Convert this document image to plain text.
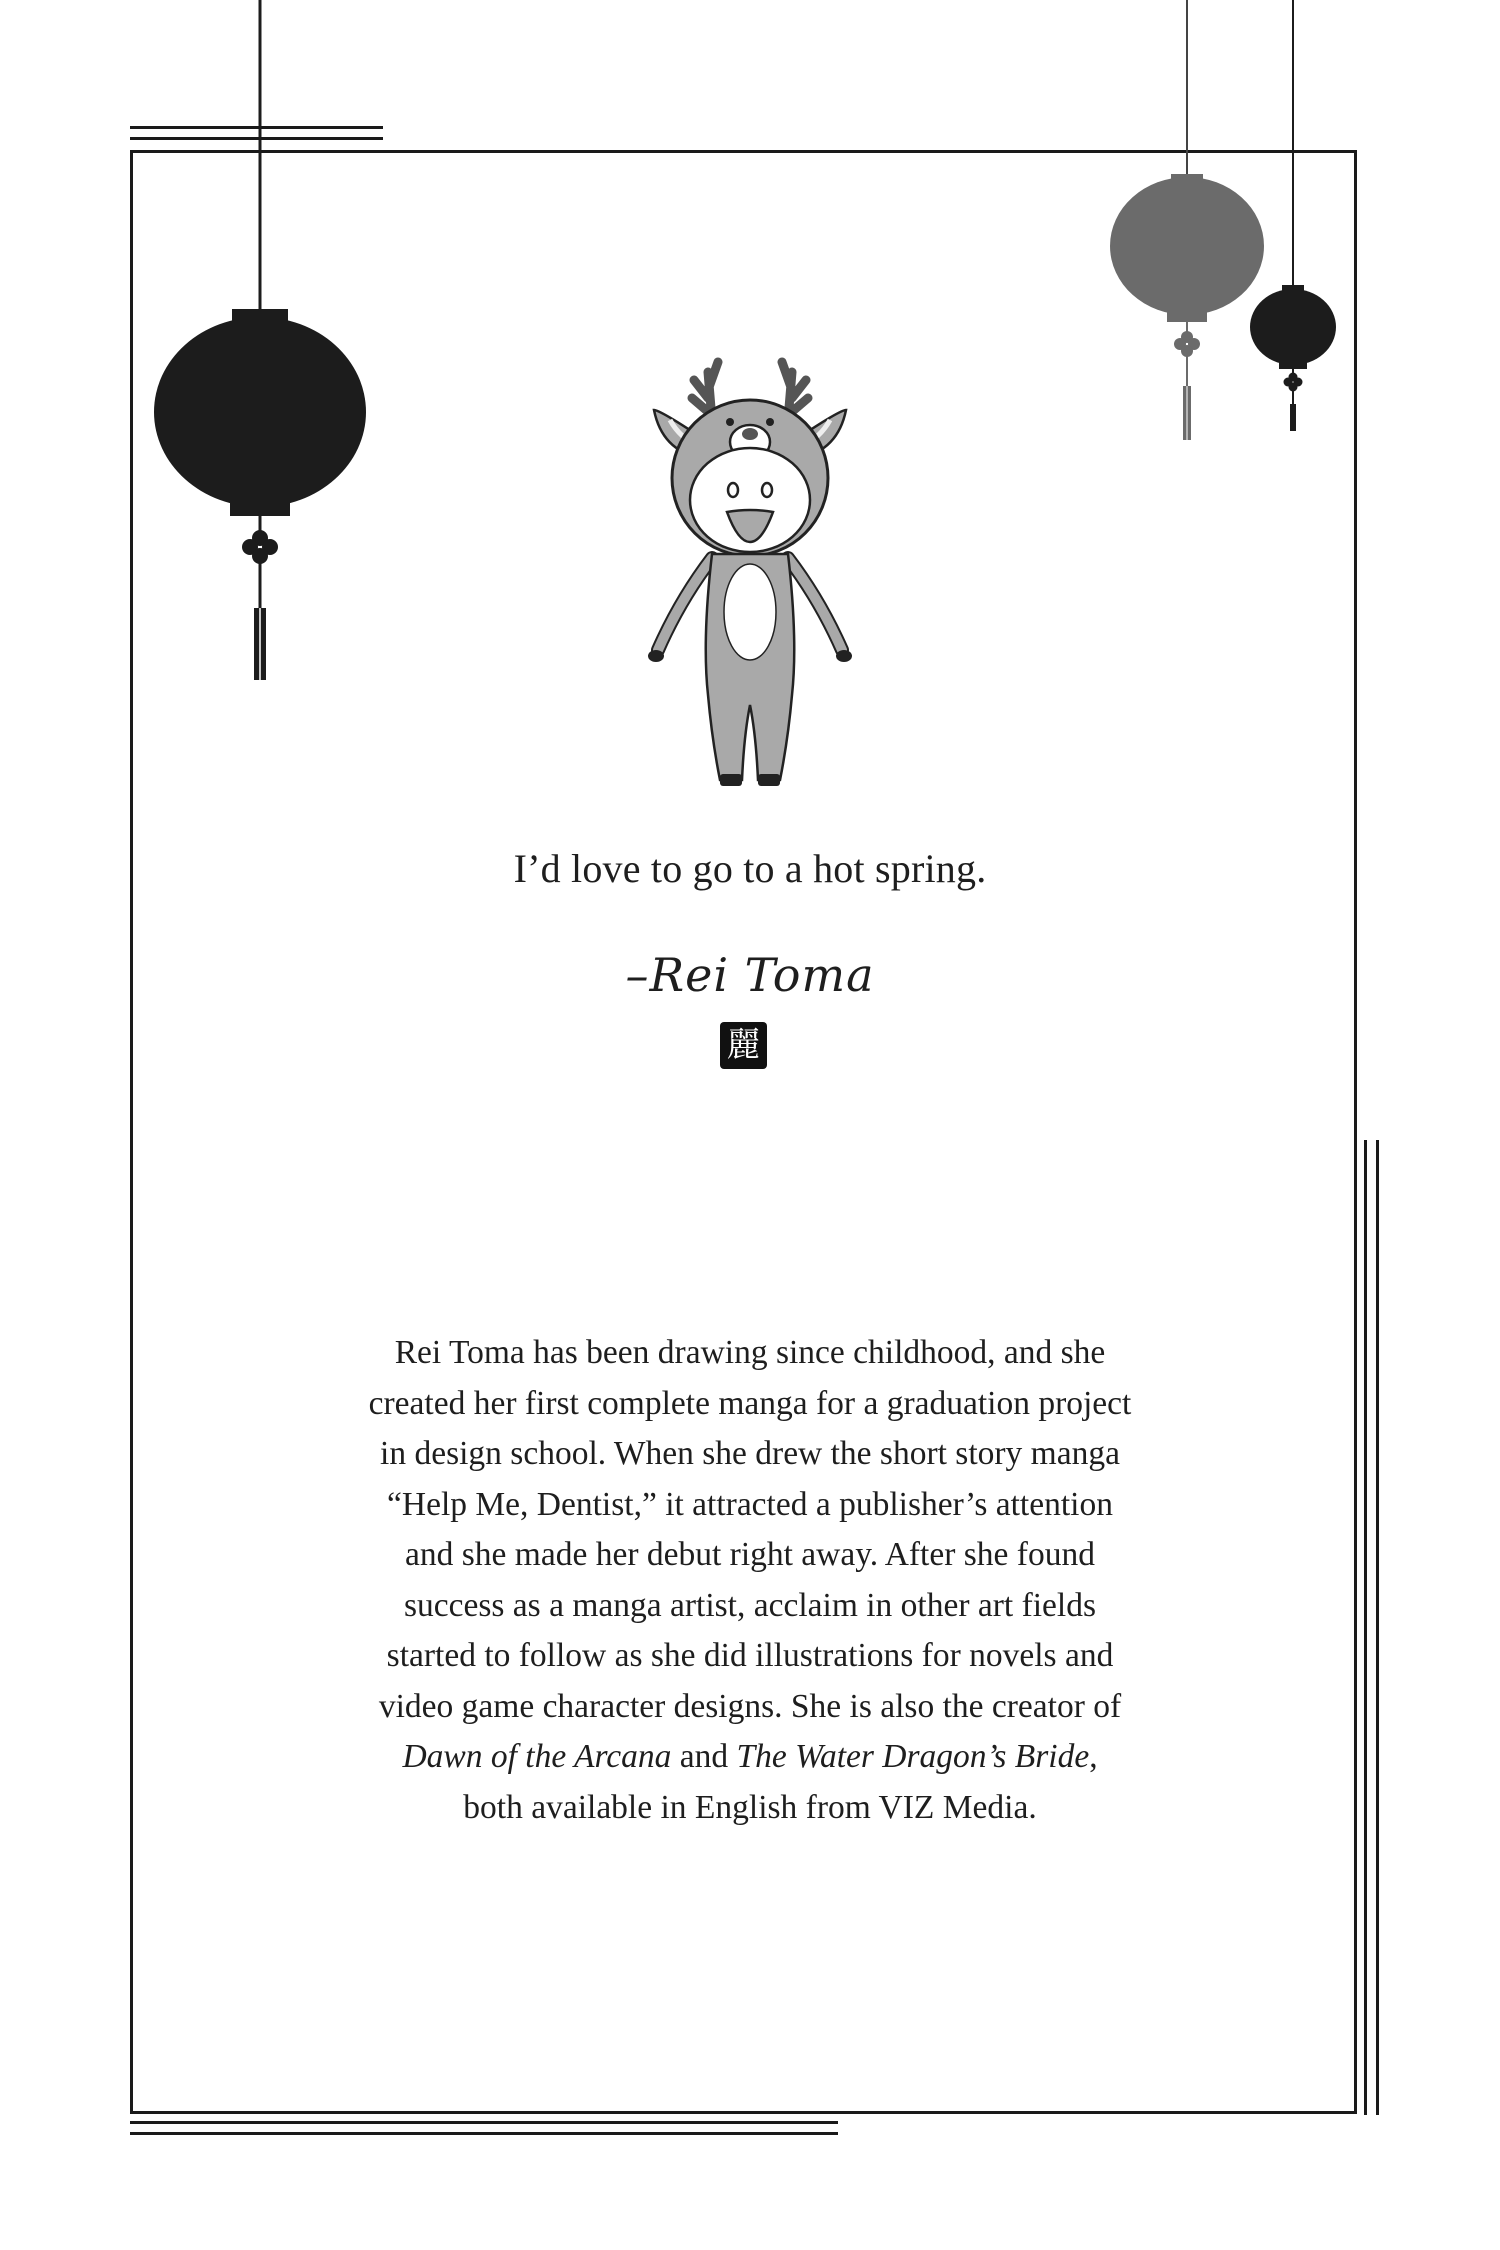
I’d love to go to a hot spring.
–Rei Toma
麗
Rei Toma has been drawing since childhood, and she
created her first complete manga for a graduation project
in design school. When she drew the short story manga
“Help Me, Dentist,” it attracted a publisher’s attention
and she made her debut right away. After she found
success as a manga artist, acclaim in other art fields
started to follow as she did illustrations for novels and
video game character designs. She is also the creator of
Dawn of the Arcana and The Water Dragon’s Bride,
both available in English from VIZ Media.
